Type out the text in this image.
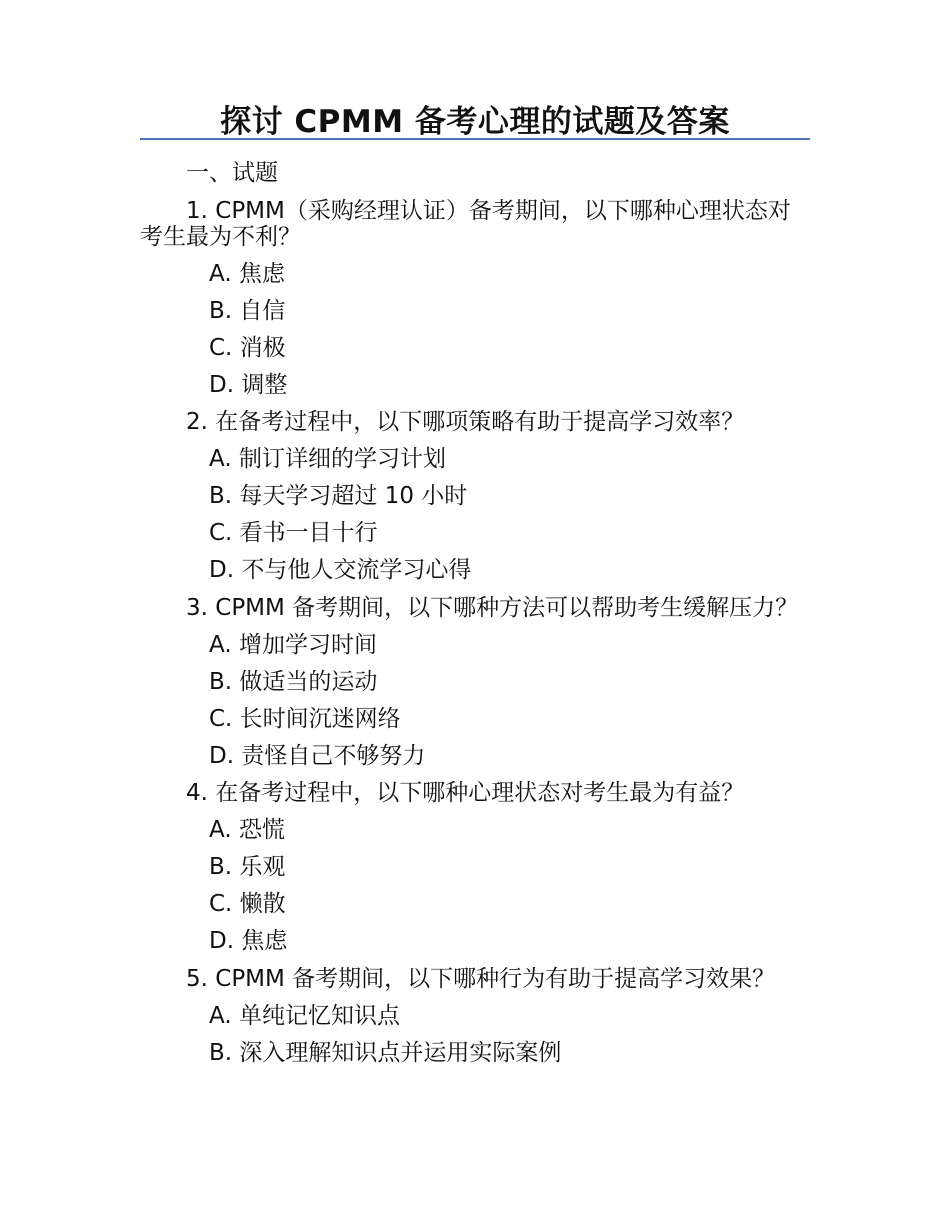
探讨 CPMM 备考心理的试题及答案

一、试题

1. CPMM（采购经理认证）备考期间，以下哪种心理状态对考生最为不利？

A. 焦虑

B. 自信

C. 消极

D. 调整

2. 在备考过程中，以下哪项策略有助于提高学习效率？

A. 制订详细的学习计划

B. 每天学习超过 10 小时

C. 看书一目十行

D. 不与他人交流学习心得

3. CPMM 备考期间，以下哪种方法可以帮助考生缓解压力？

A. 增加学习时间

B. 做适当的运动

C. 长时间沉迷网络

D. 责怪自己不够努力

4. 在备考过程中，以下哪种心理状态对考生最为有益？

A. 恐慌

B. 乐观

C. 懒散

D. 焦虑

5. CPMM 备考期间，以下哪种行为有助于提高学习效果？

A. 单纯记忆知识点

B. 深入理解知识点并运用实际案例
